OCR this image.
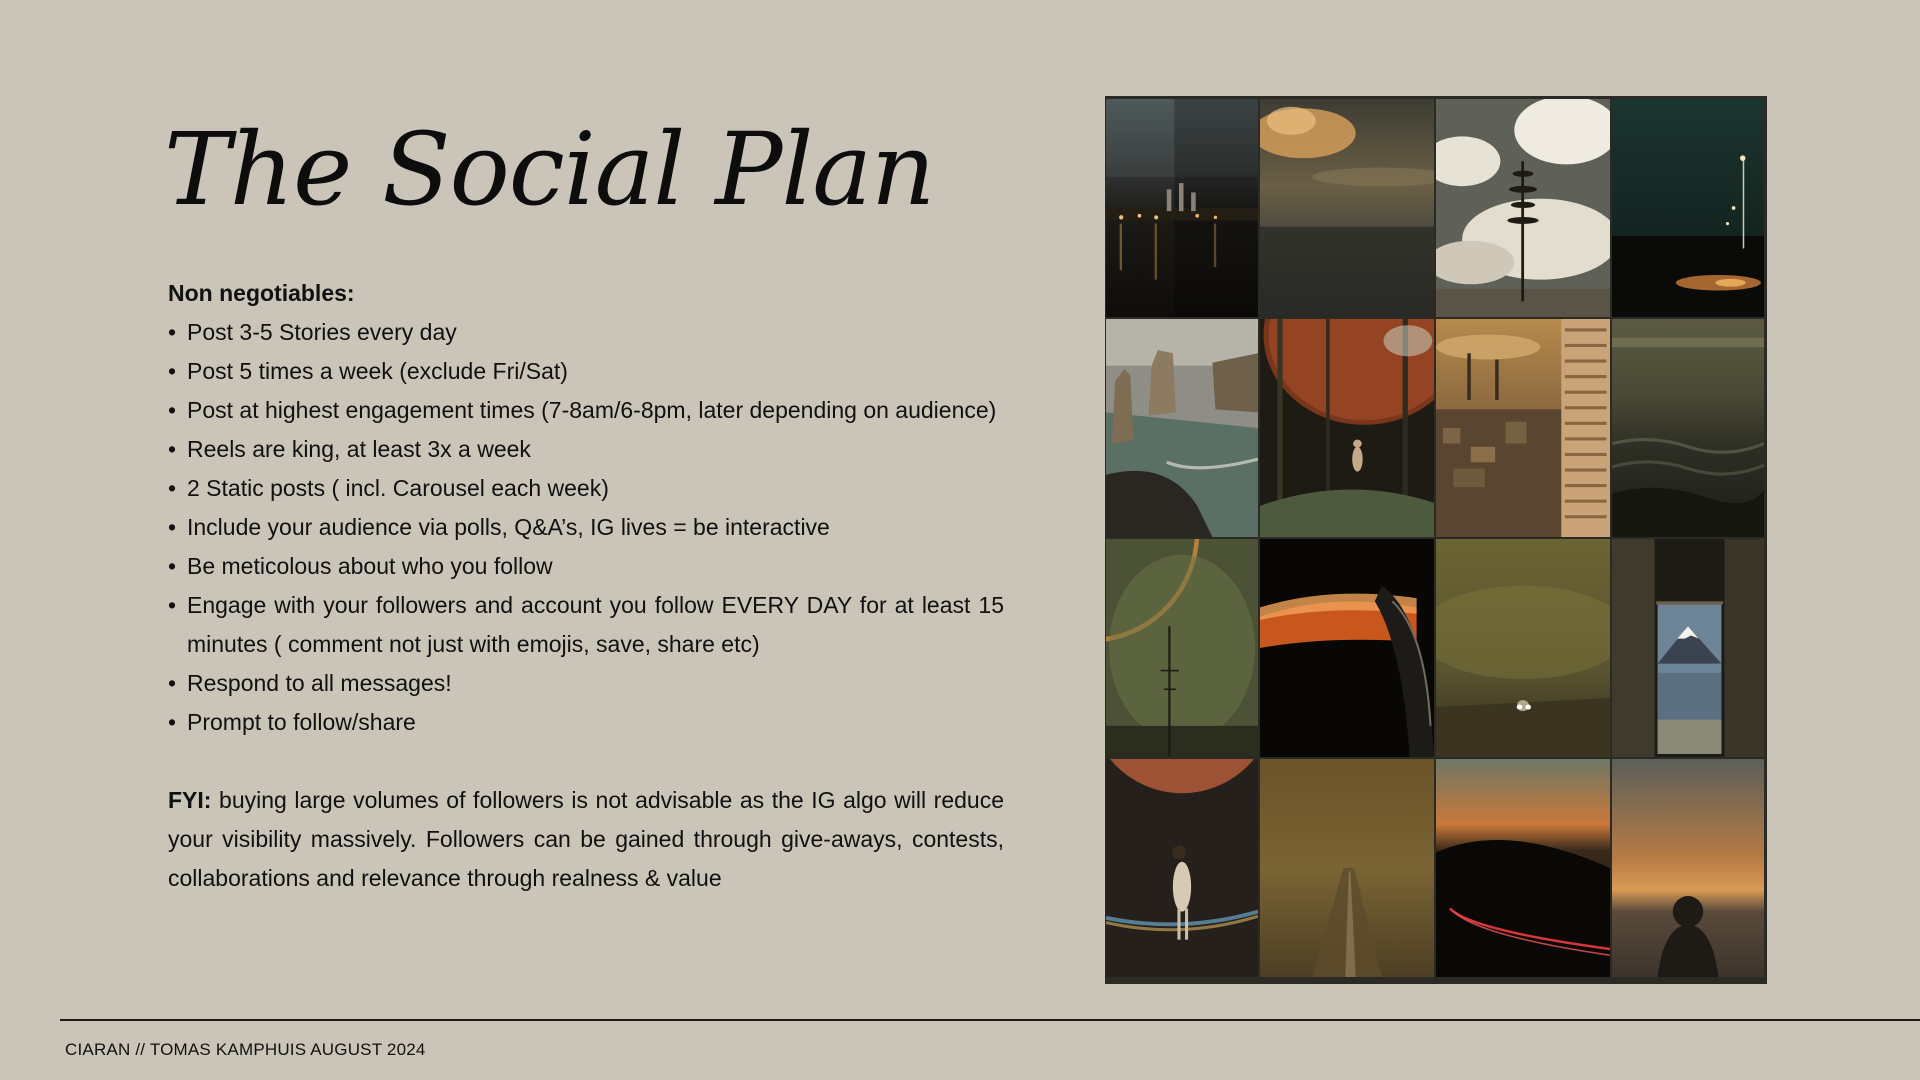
The Social Plan

Non negotiables:

• Post 3-5 Stories every day
• Post 5 times a week (exclude Fri/Sat)
• Post at highest engagement times (7-8am/6-8pm, later depending on audience)
• Reels are king, at least 3x a week
• 2 Static posts ( incl. Carousel each week)
• Include your audience via polls, Q&A’s, IG lives = be interactive
• Be meticolous about who you follow
• Engage with your followers and account you follow EVERY DAY for at least 15 minutes ( comment not just with emojis, save, share etc)
• Respond to all messages!
• Prompt to follow/share

FYI: buying large volumes of followers is not advisable as the IG algo will reduce your visibility massively. Followers can be gained through give-aways, contests, collaborations and relevance through realness & value

CIARAN // TOMAS KAMPHUIS AUGUST 2024
